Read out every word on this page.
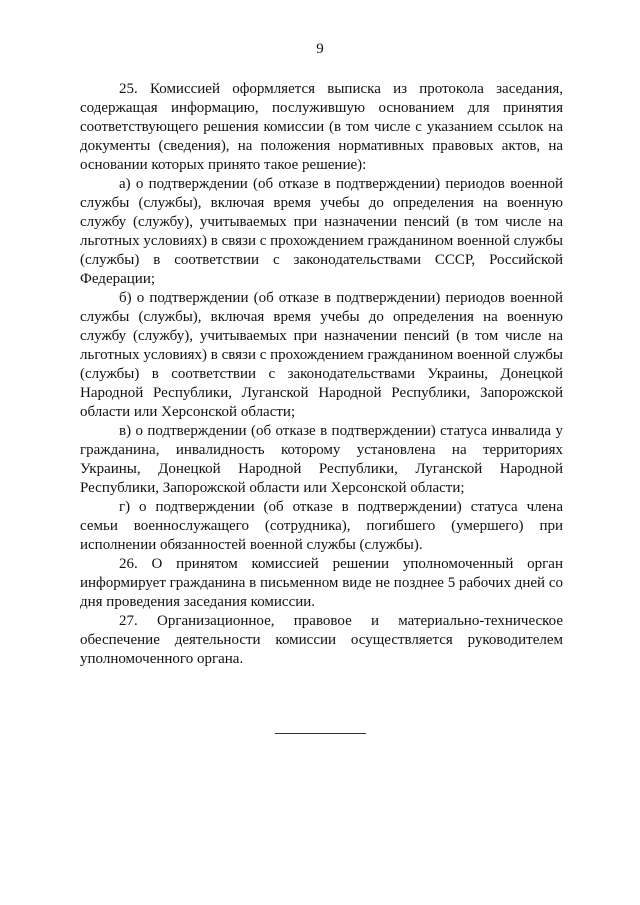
9

25. Комиссией оформляется выписка из протокола заседания, содержащая информацию, послужившую основанием для принятия соответствующего решения комиссии (в том числе с указанием ссылок на документы (сведения), на положения нормативных правовых актов, на основании которых принято такое решение):

а) о подтверждении (об отказе в подтверждении) периодов военной службы (службы), включая время учебы до определения на военную службу (службу), учитываемых при назначении пенсий (в том числе на льготных условиях) в связи с прохождением гражданином военной службы (службы) в соответствии с законодательствами СССР, Российской Федерации;

б) о подтверждении (об отказе в подтверждении) периодов военной службы (службы), включая время учебы до определения на военную службу (службу), учитываемых при назначении пенсий (в том числе на льготных условиях) в связи с прохождением гражданином военной службы (службы) в соответствии с законодательствами Украины, Донецкой Народной Республики, Луганской Народной Республики, Запорожской области или Херсонской области;

в) о подтверждении (об отказе в подтверждении) статуса инвалида у гражданина, инвалидность которому установлена на территориях Украины, Донецкой Народной Республики, Луганской Народной Республики, Запорожской области или Херсонской области;

г) о подтверждении (об отказе в подтверждении) статуса члена семьи военнослужащего (сотрудника), погибшего (умершего) при исполнении обязанностей военной службы (службы).

26. О принятом комиссией решении уполномоченный орган информирует гражданина в письменном виде не позднее 5 рабочих дней со дня проведения заседания комиссии.

27. Организационное, правовое и материально-техническое обеспечение деятельности комиссии осуществляется руководителем уполномоченного органа.
